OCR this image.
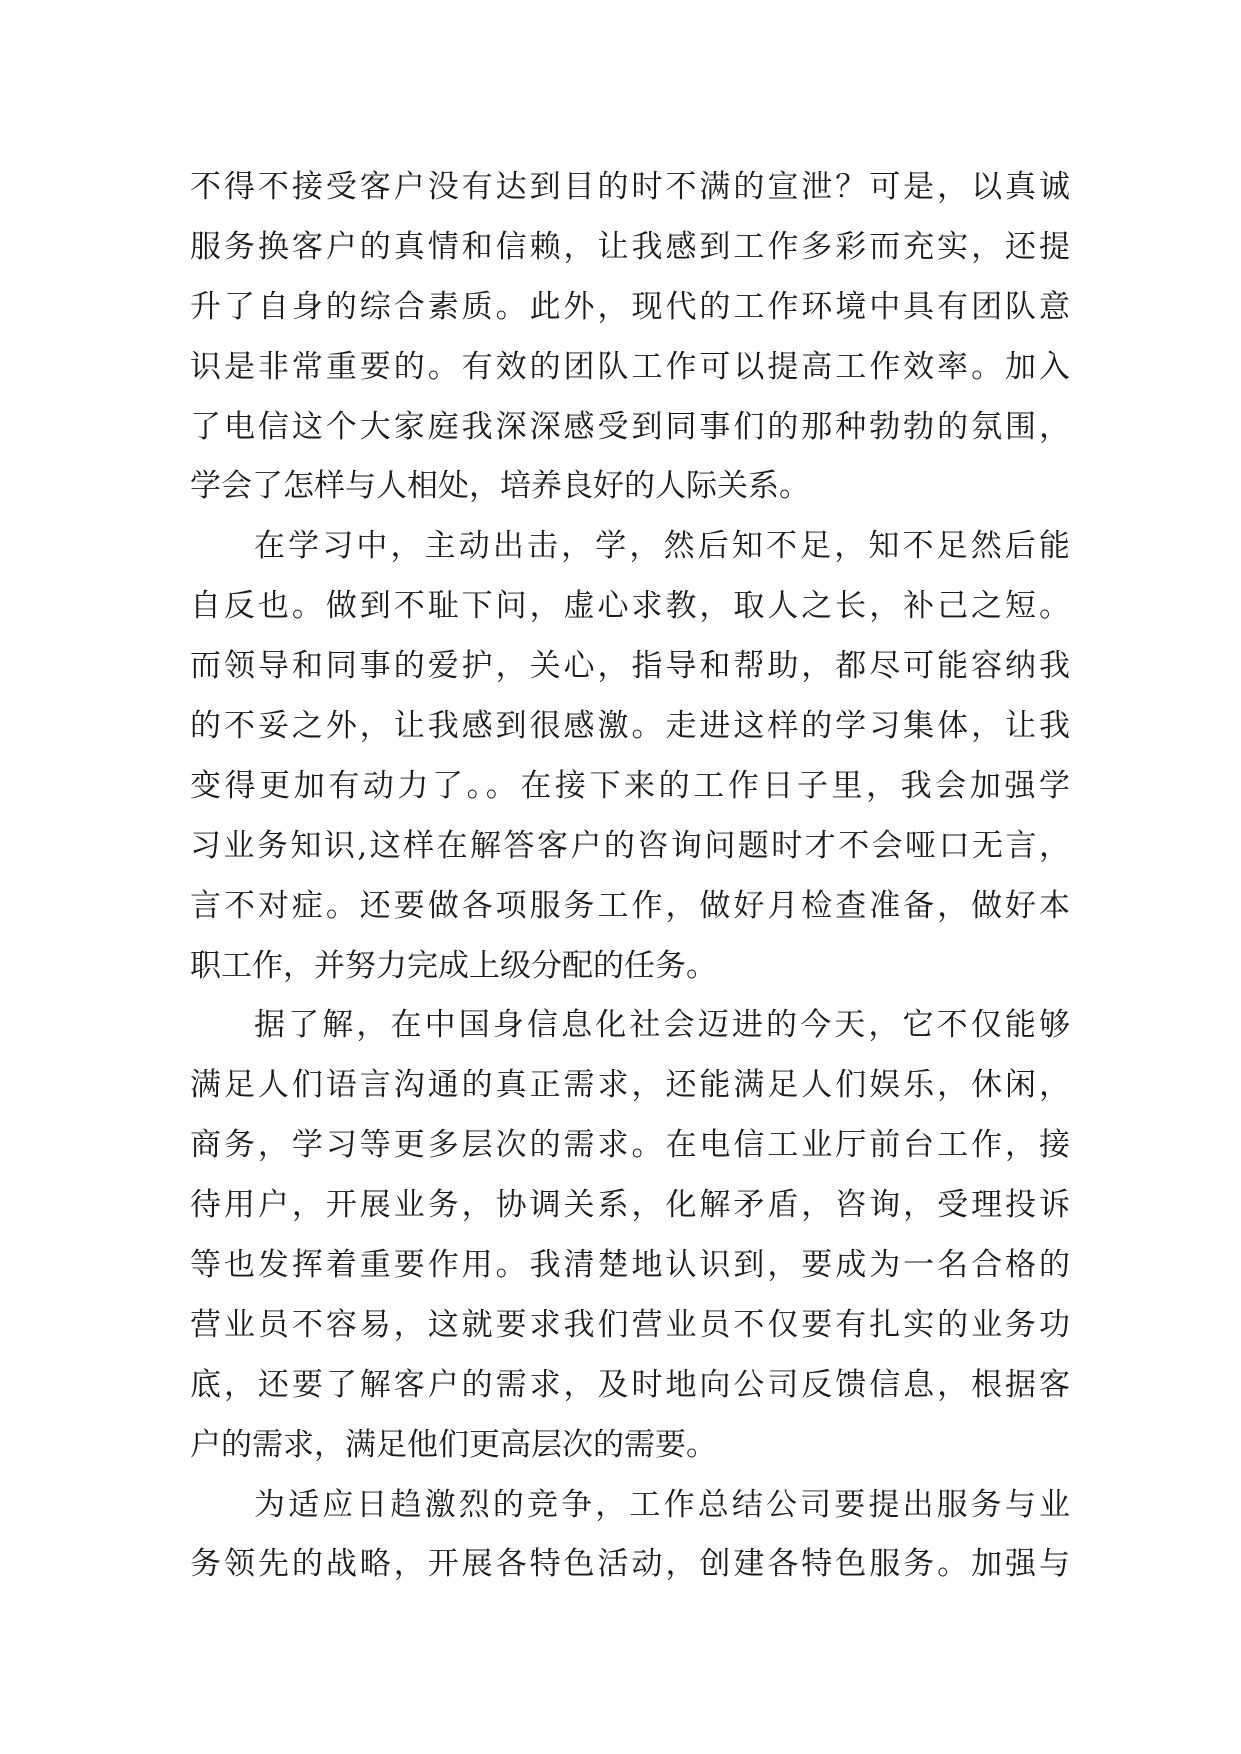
不得不接受客户没有达到目的时不满的宣泄？可是，以真诚
服务换客户的真情和信赖，让我感到工作多彩而充实，还提
升了自身的综合素质。此外，现代的工作环境中具有团队意
识是非常重要的。有效的团队工作可以提高工作效率。加入
了电信这个大家庭我深深感受到同事们的那种勃勃的氛围，
学会了怎样与人相处，培养良好的人际关系。
在学习中，主动出击，学，然后知不足，知不足然后能
自反也。做到不耻下问，虚心求教，取人之长，补己之短。
而领导和同事的爱护，关心，指导和帮助，都尽可能容纳我
的不妥之外，让我感到很感激。走进这样的学习集体，让我
变得更加有动力了。。在接下来的工作日子里，我会加强学
习业务知识,这样在解答客户的咨询问题时才不会哑口无言，
言不对症。还要做各项服务工作，做好月检查准备，做好本
职工作，并努力完成上级分配的任务。
据了解，在中国身信息化社会迈进的今天，它不仅能够
满足人们语言沟通的真正需求，还能满足人们娱乐，休闲，
商务，学习等更多层次的需求。在电信工业厅前台工作，接
待用户，开展业务，协调关系，化解矛盾，咨询，受理投诉
等也发挥着重要作用。我清楚地认识到，要成为一名合格的
营业员不容易，这就要求我们营业员不仅要有扎实的业务功
底，还要了解客户的需求，及时地向公司反馈信息，根据客
户的需求，满足他们更高层次的需要。
为适应日趋激烈的竞争，工作总结公司要提出服务与业
务领先的战略，开展各特色活动，创建各特色服务。加强与
